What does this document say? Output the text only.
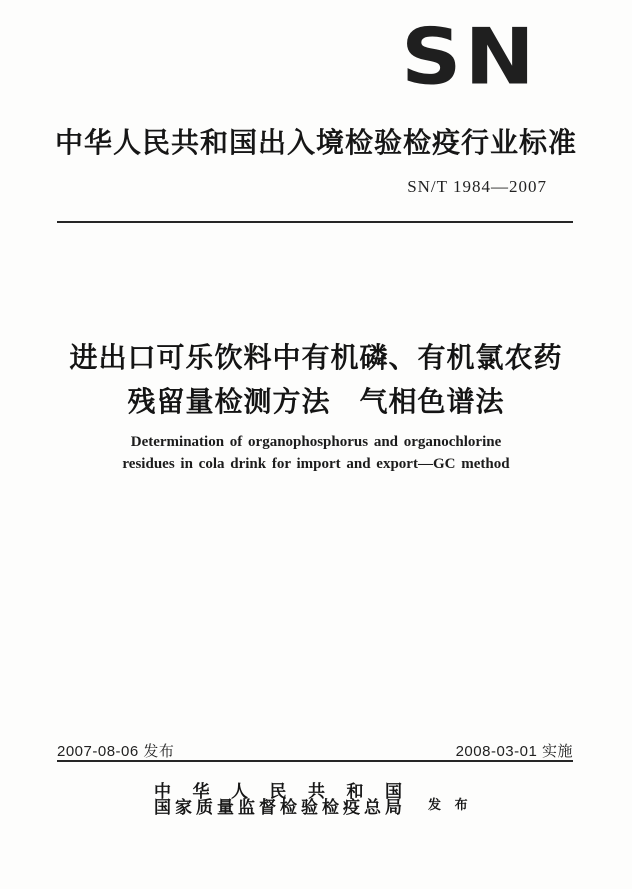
SN
中华人民共和国出入境检验检疫行业标准
SN/T 1984—2007
进出口可乐饮料中有机磷、有机氯农药
残留量检测方法　气相色谱法
Determination of organophosphorus and organochlorine
residues in cola drink for import and export—GC method
2007-08-06 发布	2008-03-01 实施
中华人民共和国
国家质量监督检验检疫总局 发 布
